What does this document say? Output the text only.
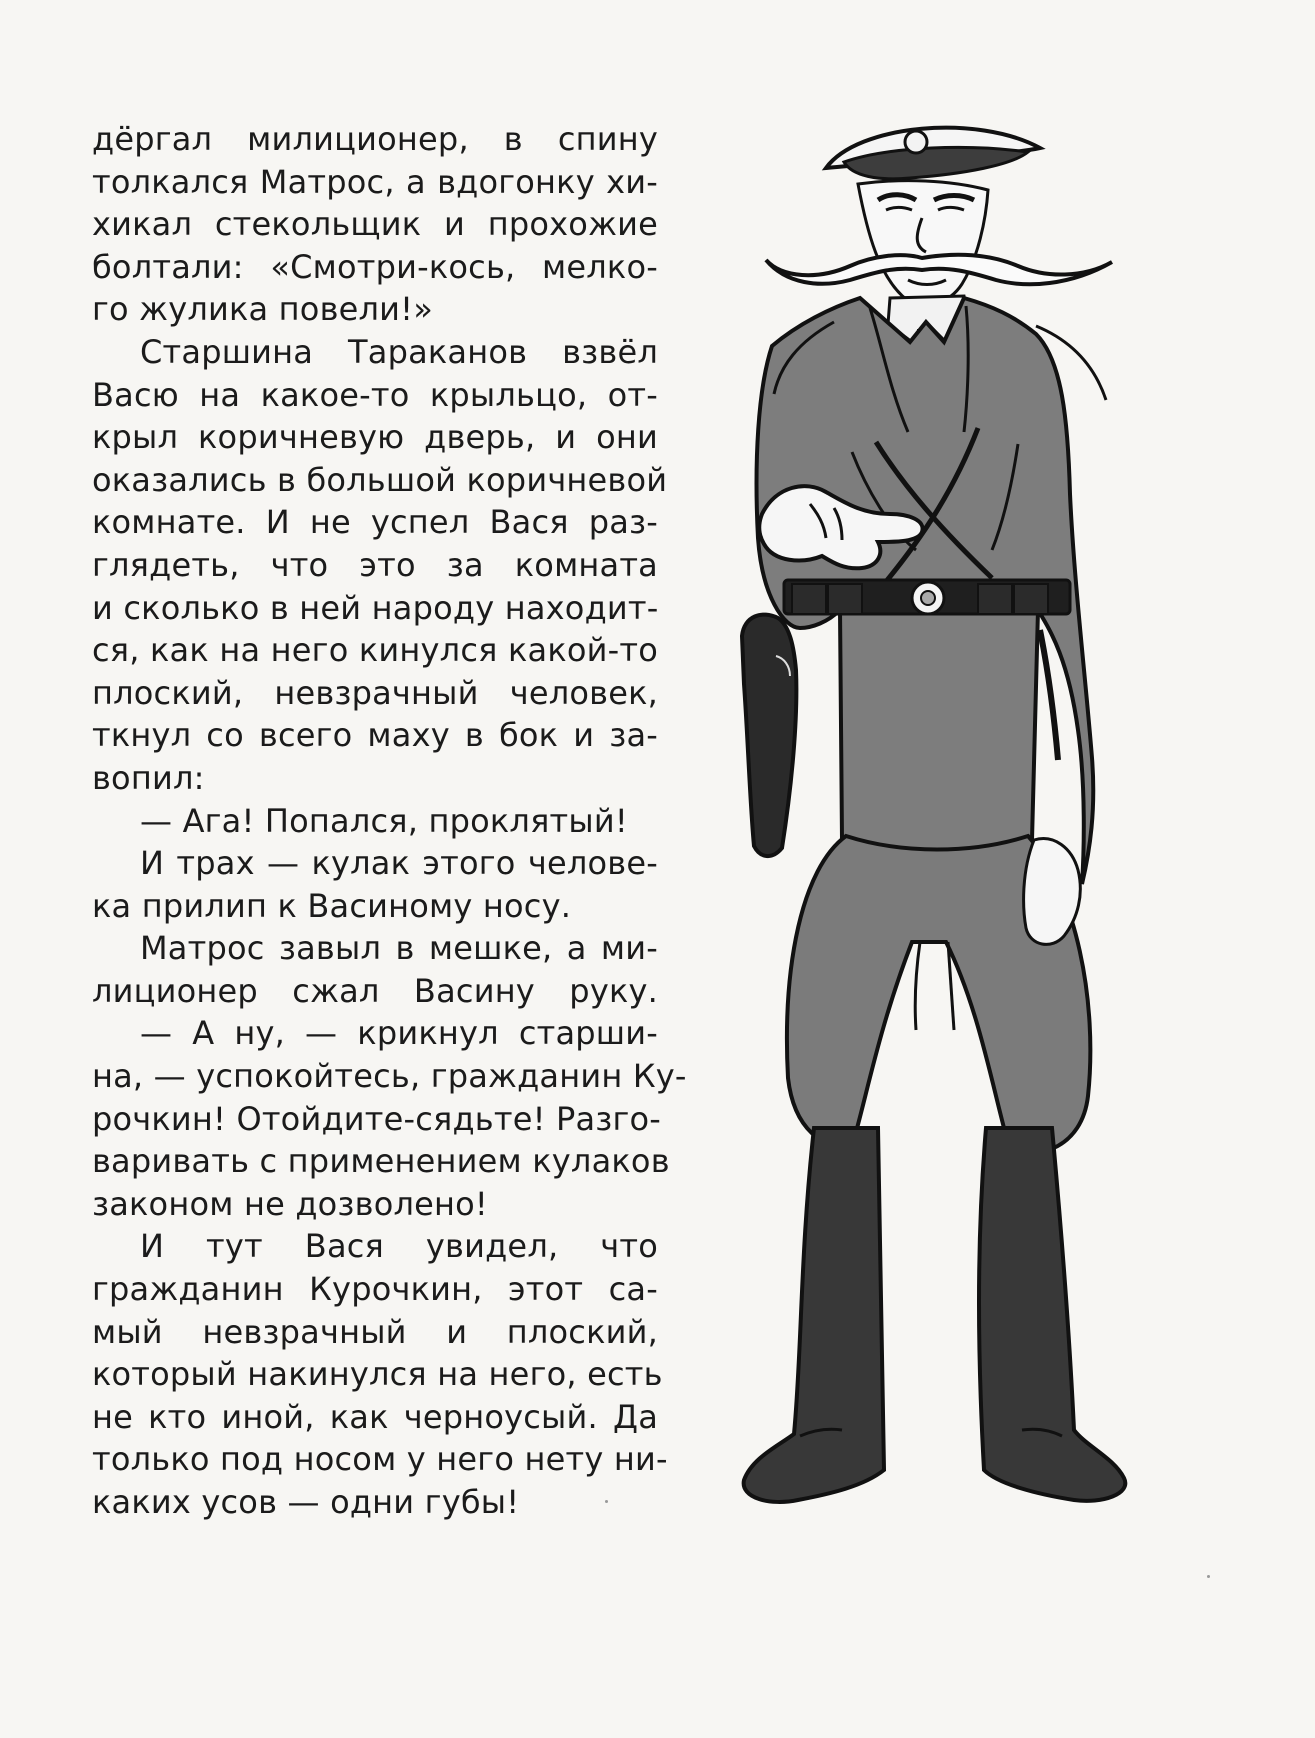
дёргал милиционер, в спину
толкался Матрос, а вдогонку хи-
хикал стекольщик и прохожие
болтали: «Смотри-кось, мелко-
го жулика повели!»
Старшина Тараканов взвёл
Васю на какое-то крыльцо, от-
крыл коричневую дверь, и они
оказались в большой коричневой
комнате. И не успел Вася раз-
глядеть, что это за комната
и сколько в ней народу находит-
ся, как на него кинулся какой-то
плоский, невзрачный человек,
ткнул со всего маху в бок и за-
вопил:
— Ага! Попался, проклятый!
И трах — кулак этого челове-
ка прилип к Васиному носу.
Матрос завыл в мешке, а ми-
лиционер сжал Васину руку.
— А ну, — крикнул старши-
на, — успокойтесь, гражданин Ку-
рочкин! Отойдите-сядьте! Разго-
варивать с применением кулаков
законом не дозволено!
И тут Вася увидел, что
гражданин Курочкин, этот са-
мый невзрачный и плоский,
который накинулся на него, есть
не кто иной, как черноусый. Да
только под носом у него нету ни-
каких усов — одни губы!
